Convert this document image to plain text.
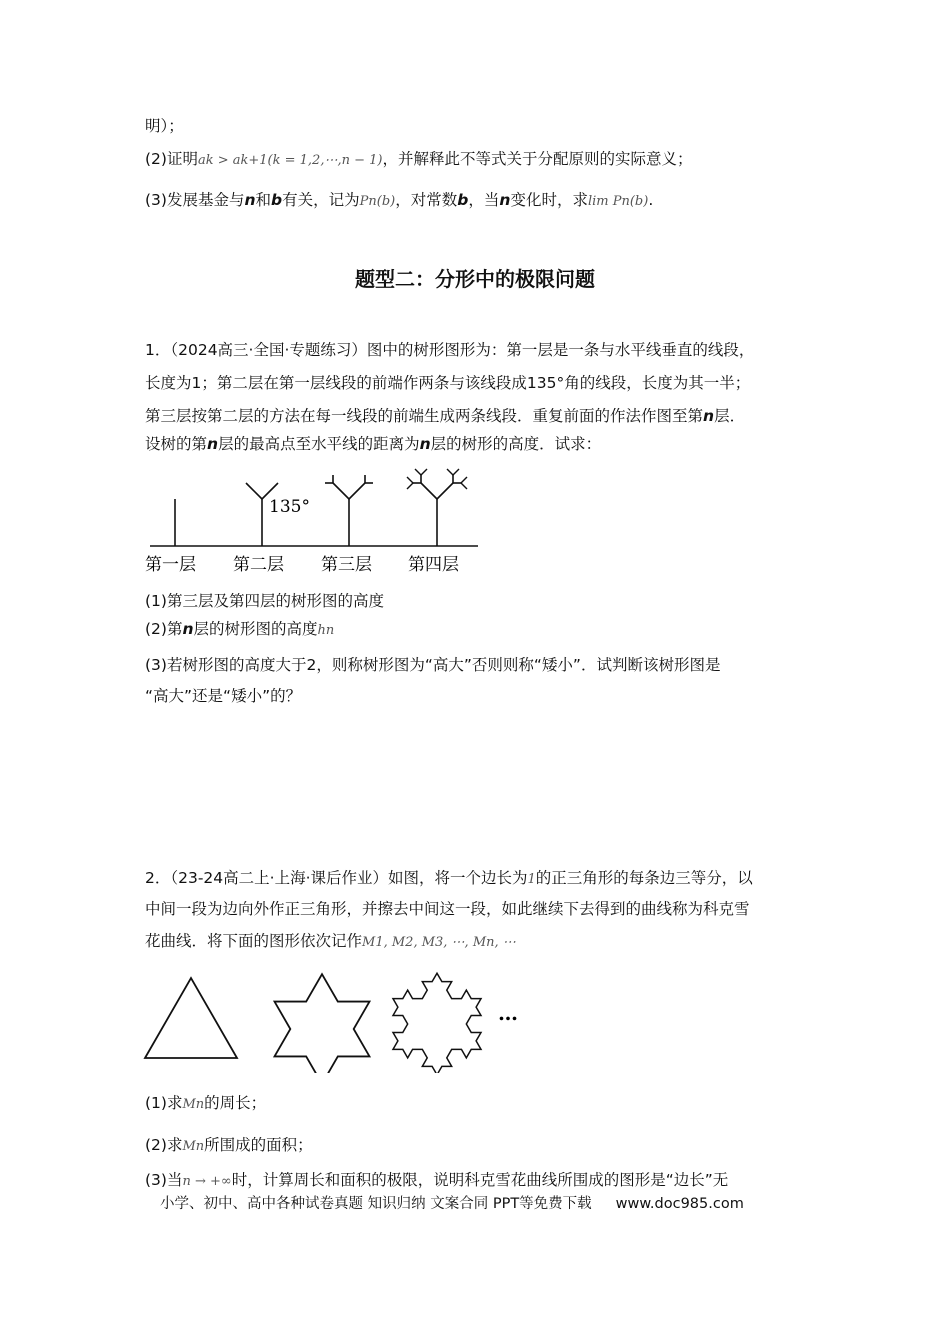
明）；
(2)证明ak > ak+1(k = 1,2,⋯,n − 1)，并解释此不等式关于分配原则的实际意义；
(3)发展基金与n和b有关，记为Pn(b)，对常数b，当n变化时，求lim Pn(b).
题型二：分形中的极限问题
1．（2024高三·全国·专题练习）图中的树形图形为：第一层是一条与水平线垂直的线段，
长度为1；第二层在第一层线段的前端作两条与该线段成135°角的线段，长度为其一半；
第三层按第二层的方法在每一线段的前端生成两条线段．重复前面的作法作图至第n层．
设树的第n层的最高点至水平线的距离为n层的树形的高度．试求：
135°
第一层 第二层 第三层 第四层
(1)第三层及第四层的树形图的高度
(2)第n层的树形图的高度hn
(3)若树形图的高度大于2，则称树形图为“高大”否则则称“矮小”．试判断该树形图是
“高大”还是“矮小”的？
2．（23-24高二上·上海·课后作业）如图，将一个边长为1的正三角形的每条边三等分，以
中间一段为边向外作正三角形，并擦去中间这一段，如此继续下去得到的曲线称为科克雪
花曲线．将下面的图形依次记作M1, M2, M3, ⋯, Mn, ⋯
…
(1)求Mn的周长；
(2)求Mn所围成的面积；
(3)当n → +∞时，计算周长和面积的极限，说明科克雪花曲线所围成的图形是“边长”无
小学、初中、高中各种试卷真题 知识归纳 文案合同 PPT等免费下载 www.doc985.com
